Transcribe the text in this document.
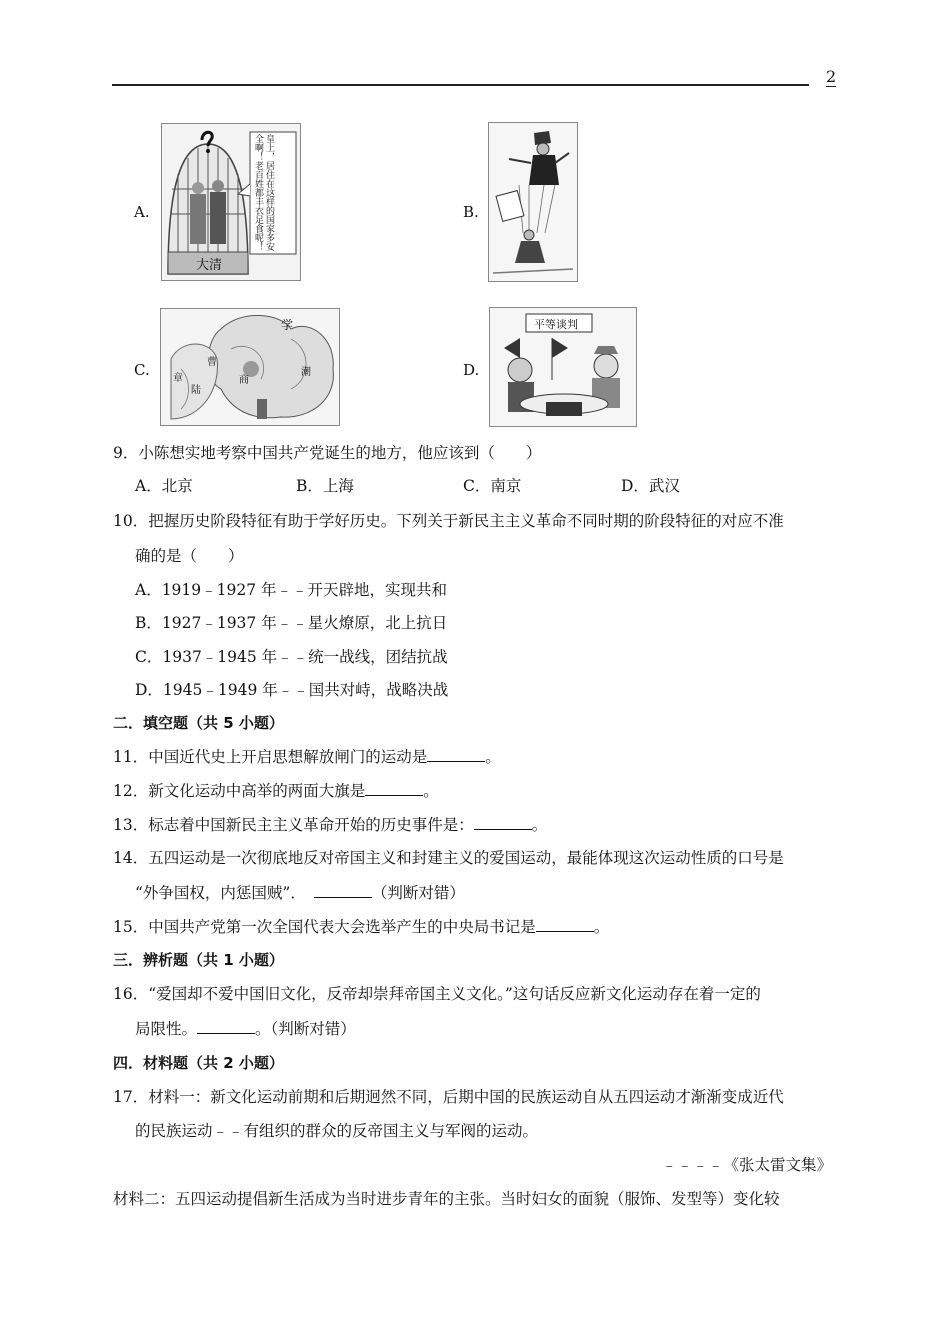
2
A.
大清
皇上，居住在这样的国家多安全啊！老百姓都丰衣足食呢！	B.
C.
学
商
章
陆
曹
潮	D.
平等谈判
9．小陈想实地考察中国共产党诞生的地方，他应该到（　　）
A．北京	B．上海	C．南京	D．武汉
10．把握历史阶段特征有助于学好历史。下列关于新民主主义革命不同时期的阶段特征的对应不准
确的是（　　）
A．1919﹣1927 年﹣﹣开天辟地，实现共和
B．1927﹣1937 年﹣﹣星火燎原，北上抗日
C．1937﹣1945 年﹣﹣统一战线，团结抗战
D．1945﹣1949 年﹣﹣国共对峙，战略决战
二．填空题（共 5 小题）
11．中国近代史上开启思想解放闸门的运动是	。
12．新文化运动中高举的两面大旗是	。
13．标志着中国新民主主义革命开始的历史事件是：	。
14．五四运动是一次彻底地反对帝国主义和封建主义的爱国运动，最能体现这次运动性质的口号是
“外争国权，内惩国贼”．	（判断对错）
15．中国共产党第一次全国代表大会选举产生的中央局书记是	。
三．辨析题（共 1 小题）
16．“爱国却不爱中国旧文化，反帝却崇拜帝国主义文化。”这句话反应新文化运动存在着一定的
局限性。	。（判断对错）
四．材料题（共 2 小题）
17．材料一：新文化运动前期和后期迥然不同，后期中国的民族运动自从五四运动才渐渐变成近代
的民族运动﹣﹣有组织的群众的反帝国主义与军阀的运动。
﹣﹣﹣﹣《张太雷文集》
材料二：五四运动提倡新生活成为当时进步青年的主张。当时妇女的面貌（服饰、发型等）变化较
